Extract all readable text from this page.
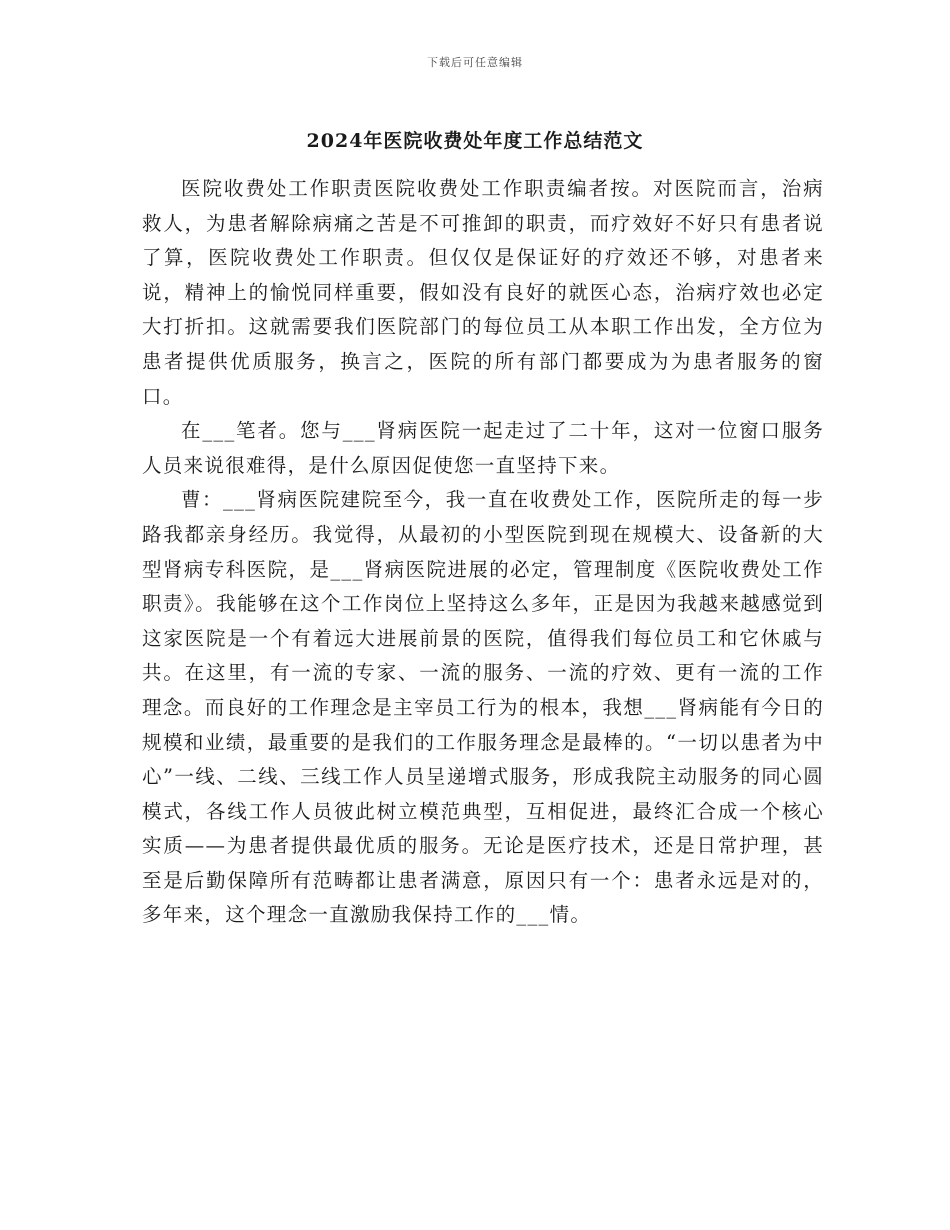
下载后可任意编辑
2024年医院收费处年度工作总结范文

医院收费处工作职责医院收费处工作职责编者按。对医院而言，治病救人，为患者解除病痛之苦是不可推卸的职责，而疗效好不好只有患者说了算，医院收费处工作职责。但仅仅是保证好的疗效还不够，对患者来说，精神上的愉悦同样重要，假如没有良好的就医心态，治病疗效也必定大打折扣。这就需要我们医院部门的每位员工从本职工作出发，全方位为患者提供优质服务，换言之，医院的所有部门都要成为为患者服务的窗口。

在___笔者。您与___肾病医院一起走过了二十年，这对一位窗口服务人员来说很难得，是什么原因促使您一直坚持下来。

曹：___肾病医院建院至今，我一直在收费处工作，医院所走的每一步路我都亲身经历。我觉得，从最初的小型医院到现在规模大、设备新的大型肾病专科医院，是___肾病医院进展的必定，管理制度《医院收费处工作职责》。我能够在这个工作岗位上坚持这么多年，正是因为我越来越感觉到这家医院是一个有着远大进展前景的医院，值得我们每位员工和它休戚与共。在这里，有一流的专家、一流的服务、一流的疗效、更有一流的工作理念。而良好的工作理念是主宰员工行为的根本，我想___肾病能有今日的规模和业绩，最重要的是我们的工作服务理念是最棒的。“一切以患者为中心”一线、二线、三线工作人员呈递增式服务，形成我院主动服务的同心圆模式，各线工作人员彼此树立模范典型，互相促进，最终汇合成一个核心实质——为患者提供最优质的服务。无论是医疗技术，还是日常护理，甚至是后勤保障所有范畴都让患者满意，原因只有一个：患者永远是对的，多年来，这个理念一直激励我保持工作的___情。
